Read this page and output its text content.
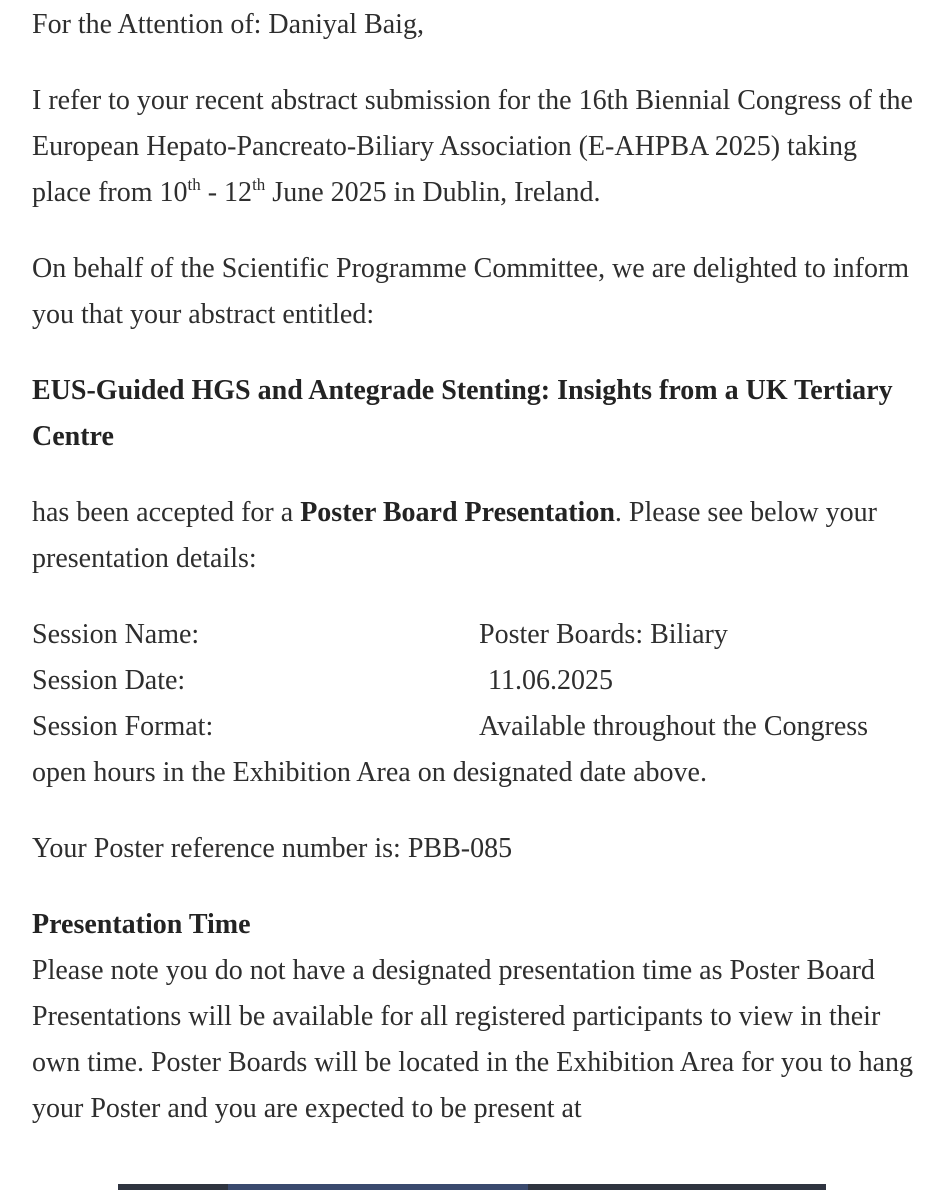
For the Attention of: Daniyal Baig,

I refer to your recent abstract submission for the 16th Biennial Congress of the European Hepato-Pancreato-Biliary Association (E-AHPBA 2025) taking place from 10th - 12th June 2025 in Dublin, Ireland.

On behalf of the Scientific Programme Committee, we are delighted to inform you that your abstract entitled:

EUS-Guided HGS and Antegrade Stenting: Insights from a UK Tertiary Centre

has been accepted for a Poster Board Presentation. Please see below your presentation details:

Session Name:	Poster Boards: Biliary
Session Date:	11.06.2025
Session Format:	Available throughout the Congress

open hours in the Exhibition Area on designated date above.

Your Poster reference number is: PBB-085

Presentation Time

Please note you do not have a designated presentation time as Poster Board Presentations will be available for all registered participants to view in their own time. Poster Boards will be located in the Exhibition Area for you to hang your Poster and you are expected to be present at
